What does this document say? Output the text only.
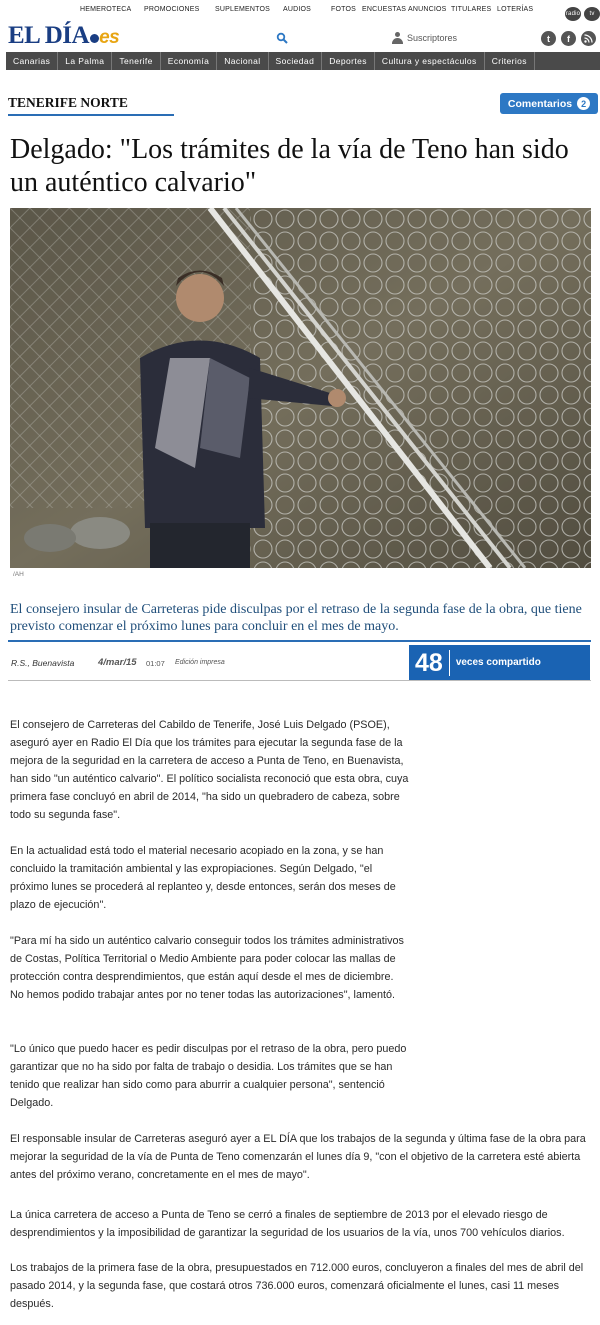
HEMEROTECA PROMOCIONES SUPLEMENTOS AUDIOS	FOTOS ENCUESTAS ANUNCIOS TITULARES LOTERÍAS
radio	tv
EL DÍA es	Suscriptores	t	f
Canarias	La Palma	Tenerife	Economía	Nacional	Sociedad	Deportes	Cultura y espectáculos	Criterios
TENERIFE NORTE	Comentarios 2
Delgado: "Los trámites de la vía de Teno han sido un auténtico calvario"
/AH

El consejero insular de Carreteras pide disculpas por el retraso de la segunda fase de la obra, que tiene previsto comenzar el próximo lunes para concluir en el mes de mayo.

R.S., Buenavista 4/mar/15 01:07 Edición impresa	48	veces compartido

El consejero de Carreteras del Cabildo de Tenerife, José Luis Delgado (PSOE), aseguró ayer en Radio El Día que los trámites para ejecutar la segunda fase de la mejora de la seguridad en la carretera de acceso a Punta de Teno, en Buenavista, han sido "un auténtico calvario". El político socialista reconoció que esta obra, cuya primera fase concluyó en abril de 2014, "ha sido un quebradero de cabeza, sobre todo su segunda fase".

En la actualidad está todo el material necesario acopiado en la zona, y se han concluido la tramitación ambiental y las expropiaciones. Según Delgado, "el próximo lunes se procederá al replanteo y, desde entonces, serán dos meses de plazo de ejecución".

"Para mí ha sido un auténtico calvario conseguir todos los trámites administrativos de Costas, Política Territorial o Medio Ambiente para poder colocar las mallas de protección contra desprendimientos, que están aquí desde el mes de diciembre. No hemos podido trabajar antes por no tener todas las autorizaciones", lamentó.

"Lo único que puedo hacer es pedir disculpas por el retraso de la obra, pero puedo garantizar que no ha sido por falta de trabajo o desidia. Los trámites que se han tenido que realizar han sido como para aburrir a cualquier persona", sentenció Delgado.

El responsable insular de Carreteras aseguró ayer a EL DÍA que los trabajos de la segunda y última fase de la obra para mejorar la seguridad de la vía de Punta de Teno comenzarán el lunes día 9, "con el objetivo de la carretera esté abierta antes del próximo verano, concretamente en el mes de mayo".

La única carretera de acceso a Punta de Teno se cerró a finales de septiembre de 2013 por el elevado riesgo de desprendimientos y la imposibilidad de garantizar la seguridad de los usuarios de la vía, unos 700 vehículos diarios.

Los trabajos de la primera fase de la obra, presupuestados en 712.000 euros, concluyeron a finales del mes de abril del pasado 2014, y la segunda fase, que costará otros 736.000 euros, comenzará oficialmente el lunes, casi 11 meses después.
